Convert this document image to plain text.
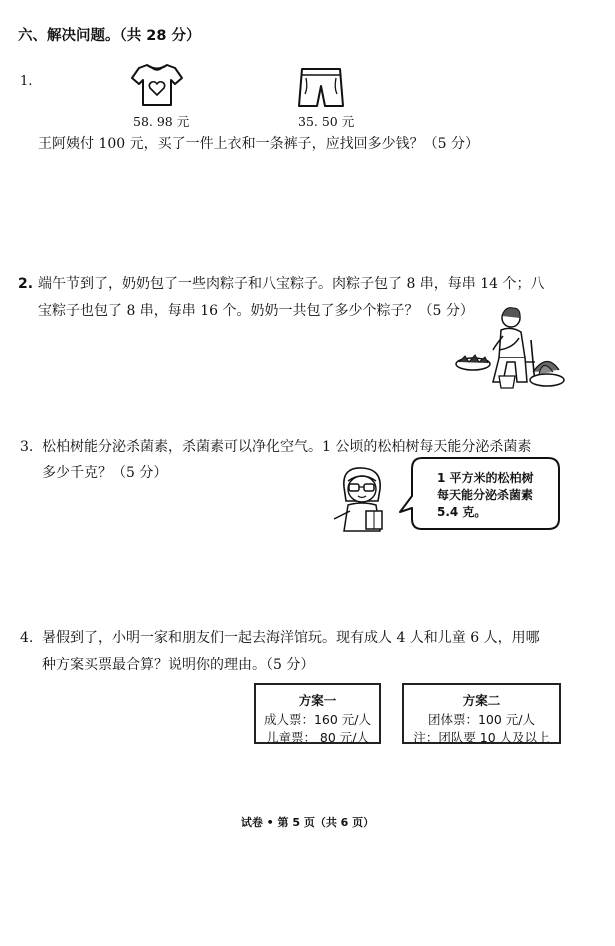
六、解决问题。（共 28 分）
1.
58. 98 元	35. 50 元
王阿姨付 100 元，买了一件上衣和一条裤子，应找回多少钱？（5 分）
2. 端午节到了，奶奶包了一些肉粽子和八宝粽子。肉粽子包了 8 串，每串 14 个；八
宝粽子也包了 8 串，每串 16 个。奶奶一共包了多少个粽子？（5 分）
3. 松柏树能分泌杀菌素，杀菌素可以净化空气。1 公顷的松柏树每天能分泌杀菌素
多少千克？（5 分）	1 平方米的松柏树
每天能分泌杀菌素
5.4 克。
4. 暑假到了，小明一家和朋友们一起去海洋馆玩。现有成人 4 人和儿童 6 人，用哪
种方案买票最合算？说明你的理由。（5 分）
方案一
成人票：160 元/人
儿童票： 80 元/人
方案二
团体票：100 元/人
注：团队要 10 人及以上
试卷 • 第 5 页（共 6 页）
